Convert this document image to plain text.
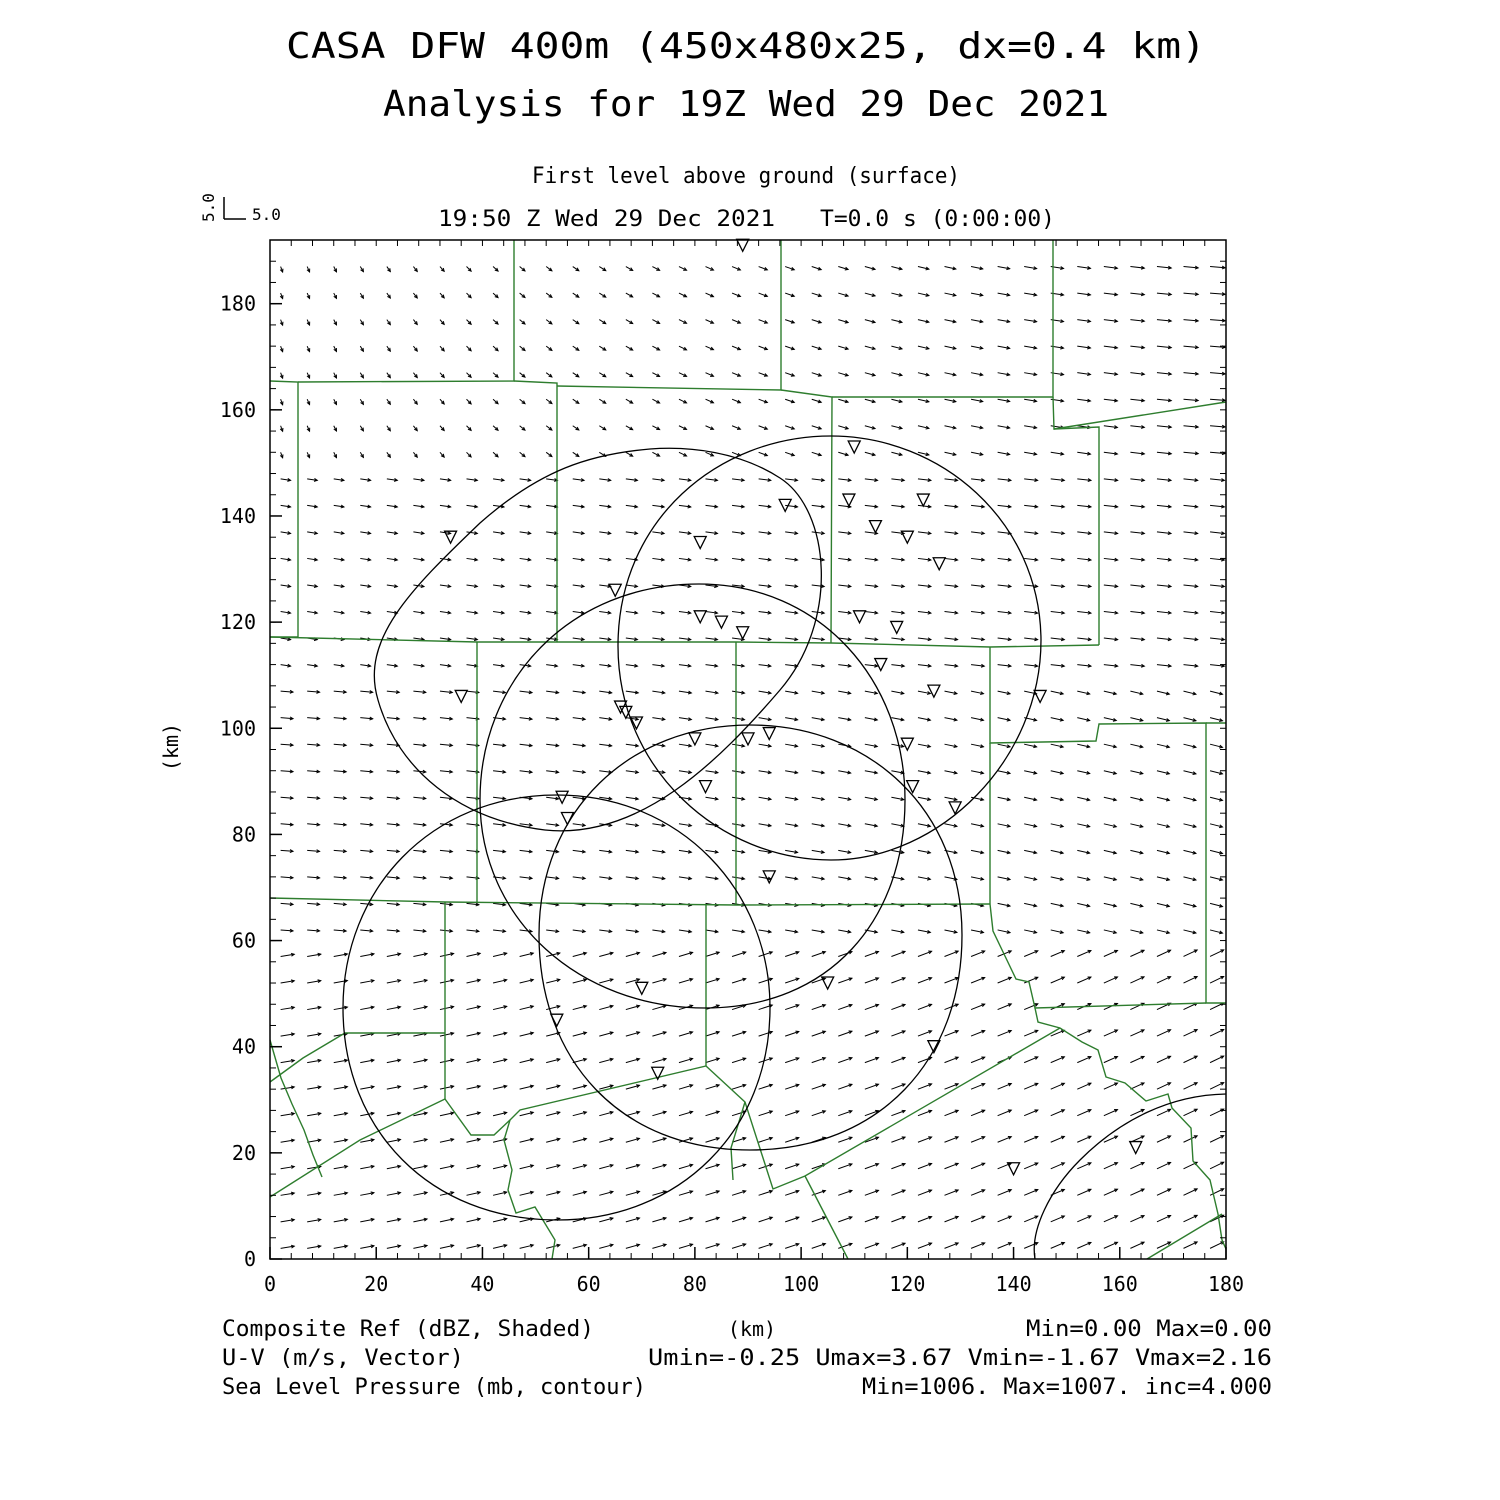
CASA DFW 400m (450x480x25, dx=0.4 km)
Analysis for 19Z Wed 29 Dec 2021
First level above ground (surface)
19:50 Z Wed 29 Dec 2021 T=0.0 s (0:00:00)
5.0
5.0
0	20	40	60	80	100	120	140	160	180
0
20
40
60
80
100
120
140
160
180
(km)
Composite Ref (dBZ, Shaded)
U-V (m/s, Vector)
Sea Level Pressure (mb, contour)
(km)	Min=0.00 Max=0.00
Umin=-0.25 Umax=3.67 Vmin=-1.67 Vmax=2.16
Min=1006. Max=1007. inc=4.000
